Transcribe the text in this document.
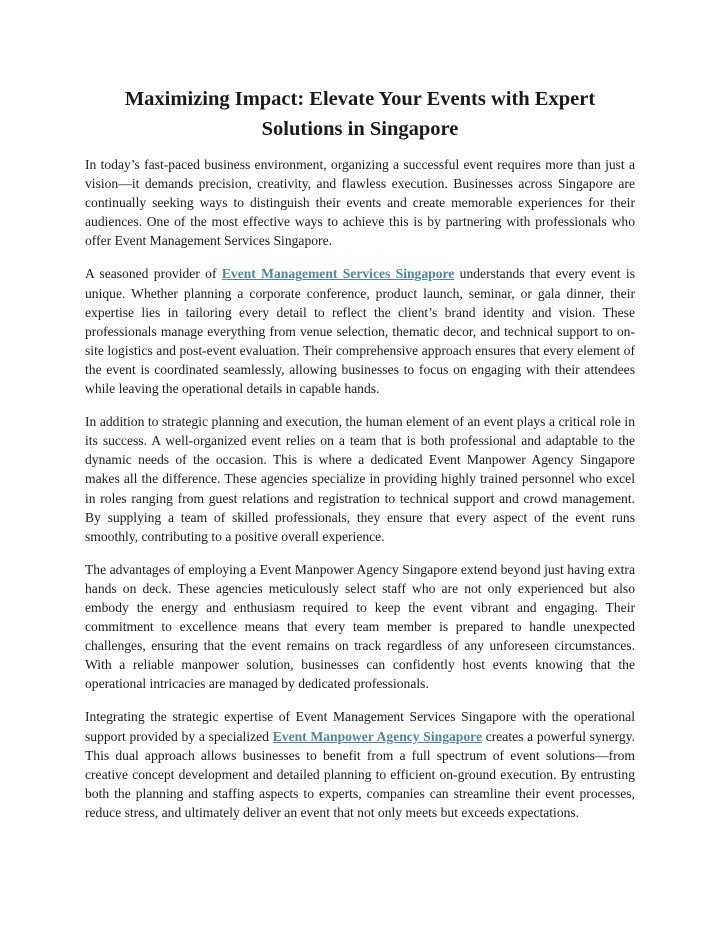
Maximizing Impact: Elevate Your Events with Expert Solutions in Singapore

In today’s fast-paced business environment, organizing a successful event requires more than just a vision—it demands precision, creativity, and flawless execution. Businesses across Singapore are continually seeking ways to distinguish their events and create memorable experiences for their audiences. One of the most effective ways to achieve this is by partnering with professionals who offer Event Management Services Singapore.

A seasoned provider of Event Management Services Singapore understands that every event is unique. Whether planning a corporate conference, product launch, seminar, or gala dinner, their expertise lies in tailoring every detail to reflect the client’s brand identity and vision. These professionals manage everything from venue selection, thematic decor, and technical support to on-site logistics and post-event evaluation. Their comprehensive approach ensures that every element of the event is coordinated seamlessly, allowing businesses to focus on engaging with their attendees while leaving the operational details in capable hands.

In addition to strategic planning and execution, the human element of an event plays a critical role in its success. A well-organized event relies on a team that is both professional and adaptable to the dynamic needs of the occasion. This is where a dedicated Event Manpower Agency Singapore makes all the difference. These agencies specialize in providing highly trained personnel who excel in roles ranging from guest relations and registration to technical support and crowd management. By supplying a team of skilled professionals, they ensure that every aspect of the event runs smoothly, contributing to a positive overall experience.

The advantages of employing a Event Manpower Agency Singapore extend beyond just having extra hands on deck. These agencies meticulously select staff who are not only experienced but also embody the energy and enthusiasm required to keep the event vibrant and engaging. Their commitment to excellence means that every team member is prepared to handle unexpected challenges, ensuring that the event remains on track regardless of any unforeseen circumstances. With a reliable manpower solution, businesses can confidently host events knowing that the operational intricacies are managed by dedicated professionals.

Integrating the strategic expertise of Event Management Services Singapore with the operational support provided by a specialized Event Manpower Agency Singapore creates a powerful synergy. This dual approach allows businesses to benefit from a full spectrum of event solutions—from creative concept development and detailed planning to efficient on-ground execution. By entrusting both the planning and staffing aspects to experts, companies can streamline their event processes, reduce stress, and ultimately deliver an event that not only meets but exceeds expectations.
